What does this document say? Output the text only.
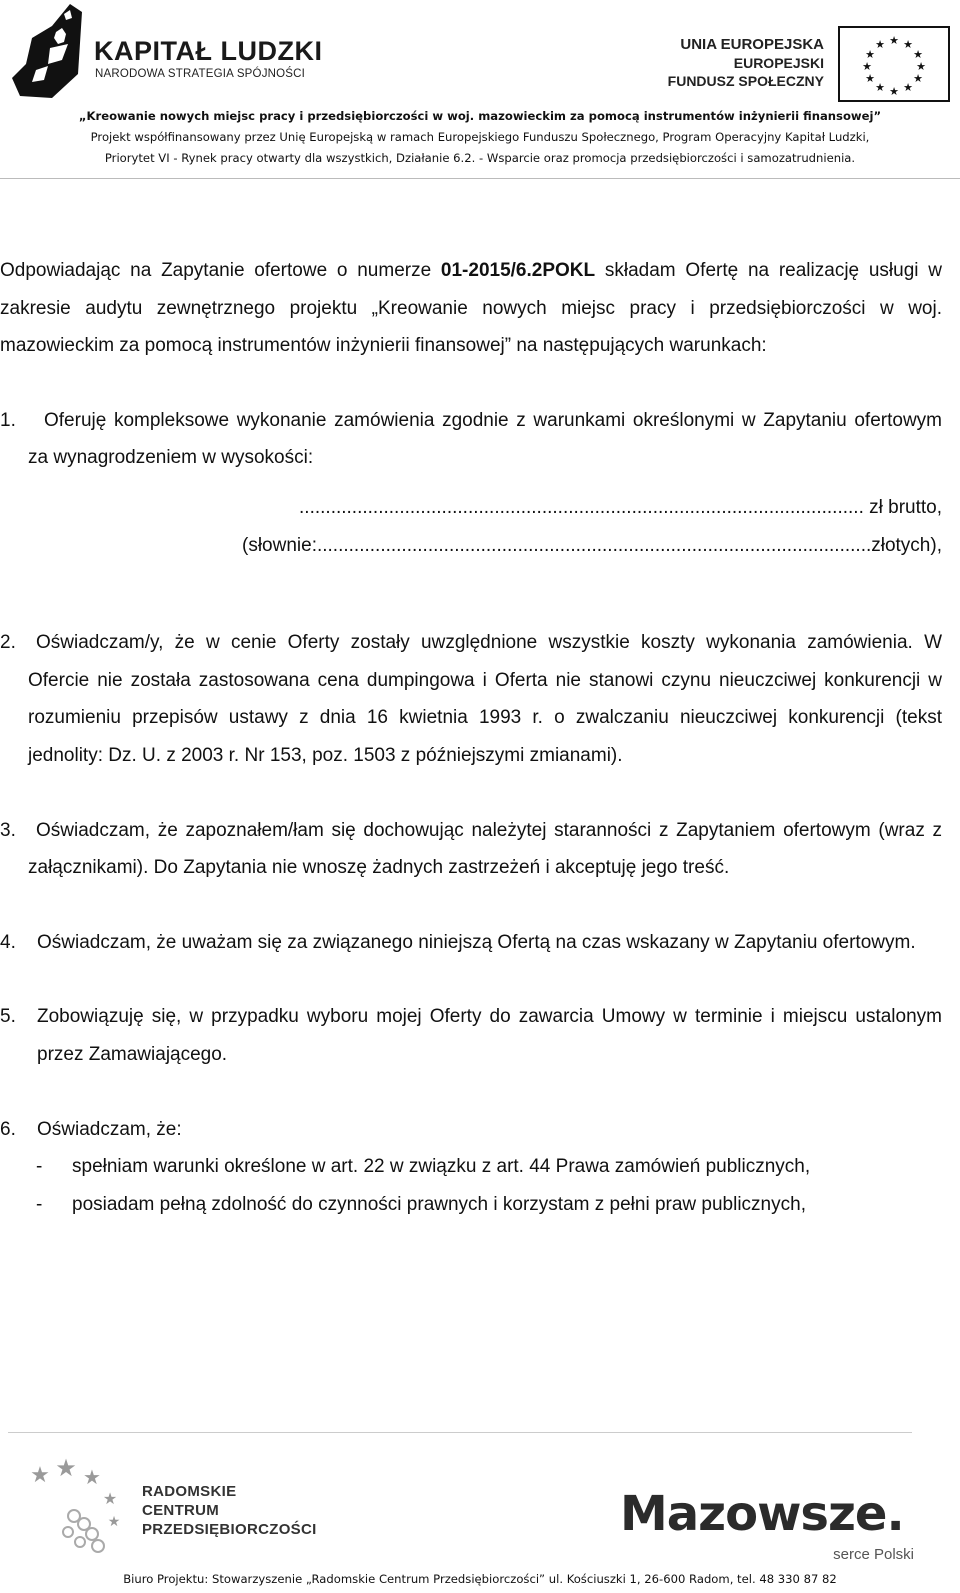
KAPITAŁ LUDZKI
NARODOWA STRATEGIA SPÓJNOŚCI
UNIA EUROPEJSKA
EUROPEJSKI
FUNDUSZ SPOŁECZNY
★ ★
★
★
★
★
★
★
★
★
★
★
„Kreowanie nowych miejsc pracy i przedsiębiorczości w woj. mazowieckim za pomocą instrumentów inżynierii finansowej”
Projekt współfinansowany przez Unię Europejską w ramach Europejskiego Funduszu Społecznego, Program Operacyjny Kapitał Ludzki,
Priorytet VI - Rynek pracy otwarty dla wszystkich, Działanie 6.2. - Wsparcie oraz promocja przedsiębiorczości i samozatrudnienia.

Odpowiadając na Zapytanie ofertowe o numerze 01-2015/6.2POKL składam Ofertę na realizację usługi w zakresie audytu zewnętrznego projektu „Kreowanie nowych miejsc pracy i przedsiębiorczości w woj. mazowieckim za pomocą instrumentów inżynierii finansowej” na następujących warunkach:

1.	Oferuję kompleksowe wykonanie zamówienia zgodnie z warunkami określonymi w Zapytaniu ofertowym za wynagrodzeniem w wysokości:

........................................................................................................... zł brutto,
(słownie:.........................................................................................................złotych),
2.	Oświadczam/y, że w cenie Oferty zostały uwzględnione wszystkie koszty wykonania zamówienia. W Ofercie nie została zastosowana cena dumpingowa i Oferta nie stanowi czynu nieuczciwej konkurencji w rozumieniu przepisów ustawy z dnia 16 kwietnia 1993 r. o zwalczaniu nieuczciwej konkurencji (tekst jednolity: Dz. U. z 2003 r. Nr 153, poz. 1503 z późniejszymi zmianami).

3.	Oświadczam, że zapoznałem/łam się dochowując należytej staranności z Zapytaniem ofertowym (wraz z załącznikami). Do Zapytania nie wnoszę żadnych zastrzeżeń i akceptuję jego treść.

4.	Oświadczam, że uważam się za związanego niniejszą Ofertą na czas wskazany w Zapytaniu ofertowym.

5.	Zobowiązuję się, w przypadku wyboru mojej Oferty do zawarcia Umowy w terminie i miejscu ustalonym przez Zamawiającego.

6.	Oświadczam, że:

- spełniam warunki określone w art. 22 w związku z art. 44 Prawa zamówień publicznych,

- posiadam pełną zdolność do czynności prawnych i korzystam z pełni praw publicznych,

★ ★ ★
★
★
RADOMSKIE
CENTRUM
PRZEDSIĘBIORCZOŚCI	Mazowsze.
serce Polski
Biuro Projektu: Stowarzyszenie „Radomskie Centrum Przedsiębiorczości” ul. Kościuszki 1, 26-600 Radom, tel. 48 330 87 82
